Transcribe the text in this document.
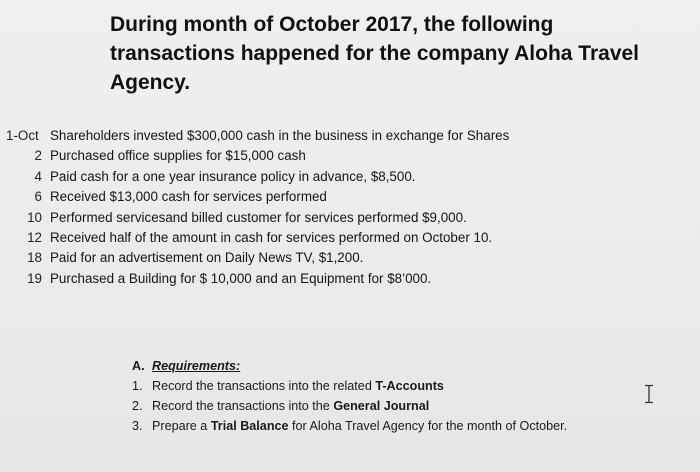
During month of October 2017, the following
transactions happened for the company Aloha Travel
Agency.
1-Oct Shareholders invested $300,000 cash in the business in exchange for Shares
2 Purchased office supplies for $15,000 cash
4 Paid cash for a one year insurance policy in advance, $8,500.
6 Received $13,000 cash for services performed
10 Performed servicesand billed customer for services performed $9,000.
12 Received half of the amount in cash for services performed on October 10.
18 Paid for an advertisement on Daily News TV, $1,200.
19 Purchased a Building for $ 10,000 and an Equipment for $8’000.
A. Requirements:
1. Record the transactions into the related T-Accounts
2. Record the transactions into the General Journal
3. Prepare a Trial Balance for Aloha Travel Agency for the month of October.
